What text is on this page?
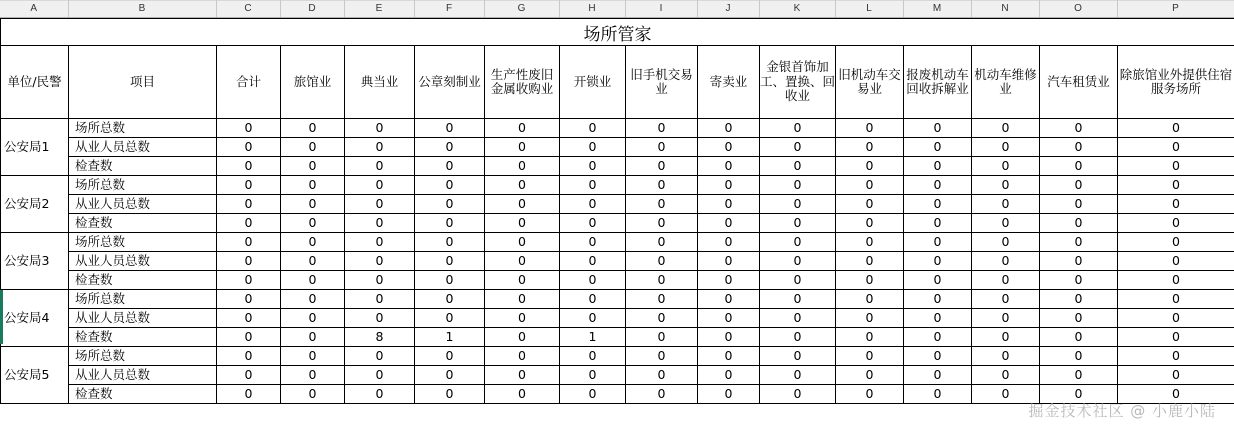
A	B	C	D	E	F	G	H	I	J	K	L	M	N	O	P
场所管家															
单位/民警	项目	合计	旅馆业	典当业	公章刻制业	生产性废旧金属收购业	开锁业	旧手机交易业	寄卖业	金银首饰加工、置换、回收业	旧机动车交易业	报废机动车回收拆解业	机动车维修业	汽车租赁业	除旅馆业外提供住宿服务场所
公安局1	场所总数	0	0	0	0	0	0	0	0	0	0	0	0	0	0
	从业人员总数	0	0	0	0	0	0	0	0	0	0	0	0	0	0
	检查数	0	0	0	0	0	0	0	0	0	0	0	0	0	0
公安局2	场所总数	0	0	0	0	0	0	0	0	0	0	0	0	0	0
	从业人员总数	0	0	0	0	0	0	0	0	0	0	0	0	0	0
	检查数	0	0	0	0	0	0	0	0	0	0	0	0	0	0
公安局3	场所总数	0	0	0	0	0	0	0	0	0	0	0	0	0	0
	从业人员总数	0	0	0	0	0	0	0	0	0	0	0	0	0	0
	检查数	0	0	0	0	0	0	0	0	0	0	0	0	0	0
公安局4	场所总数	0	0	0	0	0	0	0	0	0	0	0	0	0	0
	从业人员总数	0	0	0	0	0	0	0	0	0	0	0	0	0	0
	检查数	0	0	8	1	0	1	0	0	0	0	0	0	0	0
公安局5	场所总数	0	0	0	0	0	0	0	0	0	0	0	0	0	0
	从业人员总数	0	0	0	0	0	0	0	0	0	0	0	0	0	0
	检查数	0	0	0	0	0	0	0	0	0	0	0	0	0	0

掘金技术社区 @ 小鹿小陆
